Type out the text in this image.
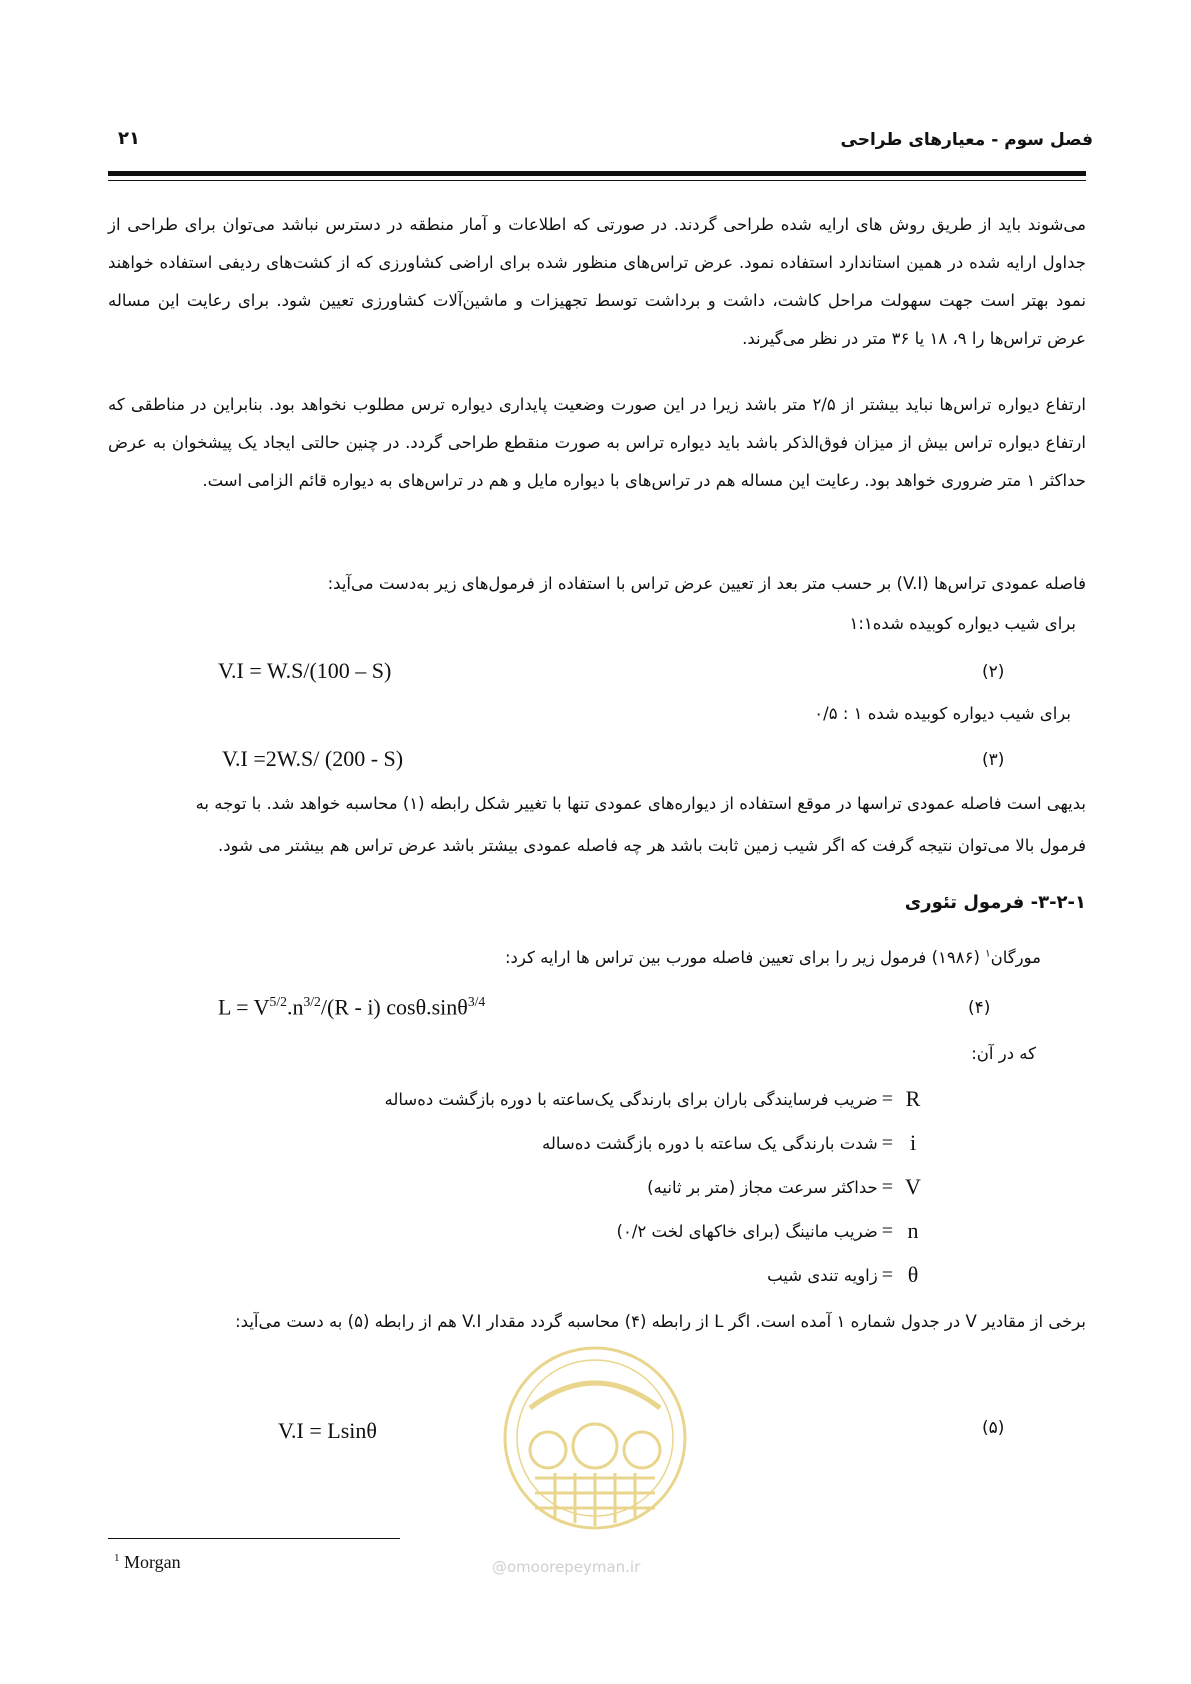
فصل سوم - معیارهای طراحی
۲۱
می‌شوند باید از طریق روش های ارایه شده طراحی گردند. در صورتی که اطلاعات و آمار منطقه در دسترس نباشد می‌توان برای طراحی از جداول ارایه شده در همین استاندارد استفاده نمود. عرض تراس‌های منظور شده برای اراضی کشاورزی که از کشت‌های ردیفی استفاده خواهند نمود بهتر است جهت سهولت مراحل کاشت، داشت و برداشت توسط تجهیزات و ماشین‌آلات کشاورزی تعیین شود. برای رعایت این مساله عرض تراس‌ها را ۹، ۱۸ یا ۳۶ متر در نظر می‌گیرند.
ارتفاع دیواره تراس‌ها نباید بیشتر از ۲/۵ متر باشد زیرا در این صورت وضعیت پایداری دیواره ترس مطلوب نخواهد بود. بنابراین در مناطقی که ارتفاع دیواره تراس بیش از میزان فوق‌الذکر باشد باید دیواره تراس به صورت منقطع طراحی گردد. در چنین حالتی ایجاد یک پیشخوان به عرض حداکثر ۱ متر ضروری خواهد بود. رعایت این مساله هم در تراس‌های با دیواره مایل و هم در تراس‌های به دیواره قائم الزامی است.
فاصله عمودی تراس‌ها (V.I) بر حسب متر بعد از تعیین عرض تراس با استفاده از فرمول‌های زیر به‌دست می‌آید:
برای شیب دیواره کوبیده شده۱:۱
V.I = W.S/(100 – S)	(۲)
برای شیب دیواره کوبیده شده ۱ : ۰/۵
V.I =2W.S/ (200 - S)	(۳)
بدیهی است فاصله عمودی تراسها در موقع استفاده از دیواره‌های عمودی تنها با تغییر شکل رابطه (۱) محاسبه خواهد شد. با توجه به
فرمول بالا می‌توان نتیجه گرفت که اگر شیب زمین ثابت باشد هر چه فاصله عمودی بیشتر باشد عرض تراس هم بیشتر می شود.
۳-۲-۱- فرمول تئوری
مورگان$^۱$ (۱۹۸۶) فرمول زیر را برای تعیین فاصله مورب بین تراس ها ارایه کرد:
$L = V^{5/2}.n^{3/2}/(R - i)$ cosθ.sinθ$^{3/4}$	(۴)
که در آن:
ضریب فرسایندگی باران برای بارندگی یک‌ساعته با دوره بازگشت ده‌ساله = R
شدت بارندگی یک ساعته با دوره بازگشت ده‌ساله = i
حداکثر سرعت مجاز (متر بر ثانیه) = V
ضریب مانینگ (برای خاکهای لخت ۰/۲) = n
زاویه تندی شیب = θ
برخی از مقادیر V در جدول شماره ۱ آمده است. اگر L از رابطه (۴) محاسبه گردد مقدار V.I هم از رابطه (۵) به دست می‌آید:
V.I = Lsinθ	(۵)
$^1$ Morgan	@omoorepeyman.ir
